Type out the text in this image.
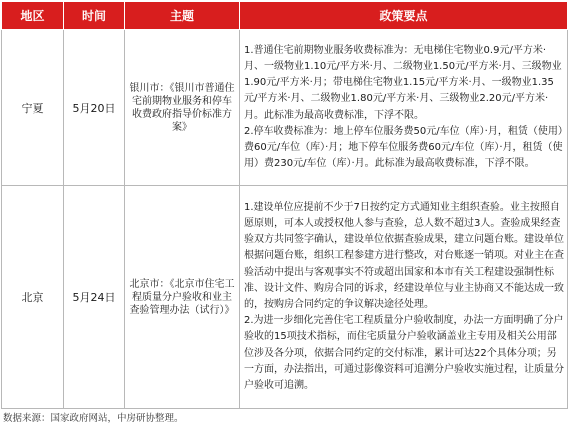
地区	时间	主题	政策要点
宁夏	5月20日	银川市：《银川市普通住宅前期物业服务和停车收费政府指导价标准方案》	1.普通住宅前期物业服务收费标准为：无电梯住宅物业0.9元/平方米·月、一级物业1.10元/平方米·月、二级物业1.50元/平方米·月、三级物业1.90元/平方米·月；带电梯住宅物业1.15元/平方米·月、一级物业1.35元/平方米·月、二级物业1.80元/平方米·月、三级物业2.20元/平方米·月。此标准为最高收费标准，下浮不限。

2.停车收费标准为：地上停车位服务费50元/车位（库）·月，租赁（使用）费60元/车位（库）·月；地下停车位服务费60元/车位（库）·月，租赁（使用）费230元/车位（库）·月。此标准为最高收费标准，下浮不限。

北京	5月24日	北京市：《北京市住宅工程质量分户验收和业主查验管理办法（试行）》	1.建设单位应提前不少于7日按约定方式通知业主组织查验。业主按照自愿原则，可本人或授权他人参与查验，总人数不超过3人。查验成果经查验双方共同签字确认，建设单位依据查验成果，建立问题台账。建设单位根据问题台账，组织工程参建方进行整改，对台账逐一销项。对业主在查验活动中提出与客观事实不符或超出国家和本市有关工程建设强制性标准、设计文件、购房合同的诉求，经建设单位与业主协商又不能达成一致的，按购房合同约定的争议解决途径处理。

2.为进一步细化完善住宅工程质量分户验收制度，办法一方面明确了分户验收的15项技术指标，而住宅质量分户验收涵盖业主专用及相关公用部位涉及各分项，依据合同约定的交付标准，累计可达22个具体分项；另一方面，办法指出，可通过影像资料可追溯分户验收实施过程，让质量分户验收可追溯。

数据来源：国家政府网站，中房研协整理。
